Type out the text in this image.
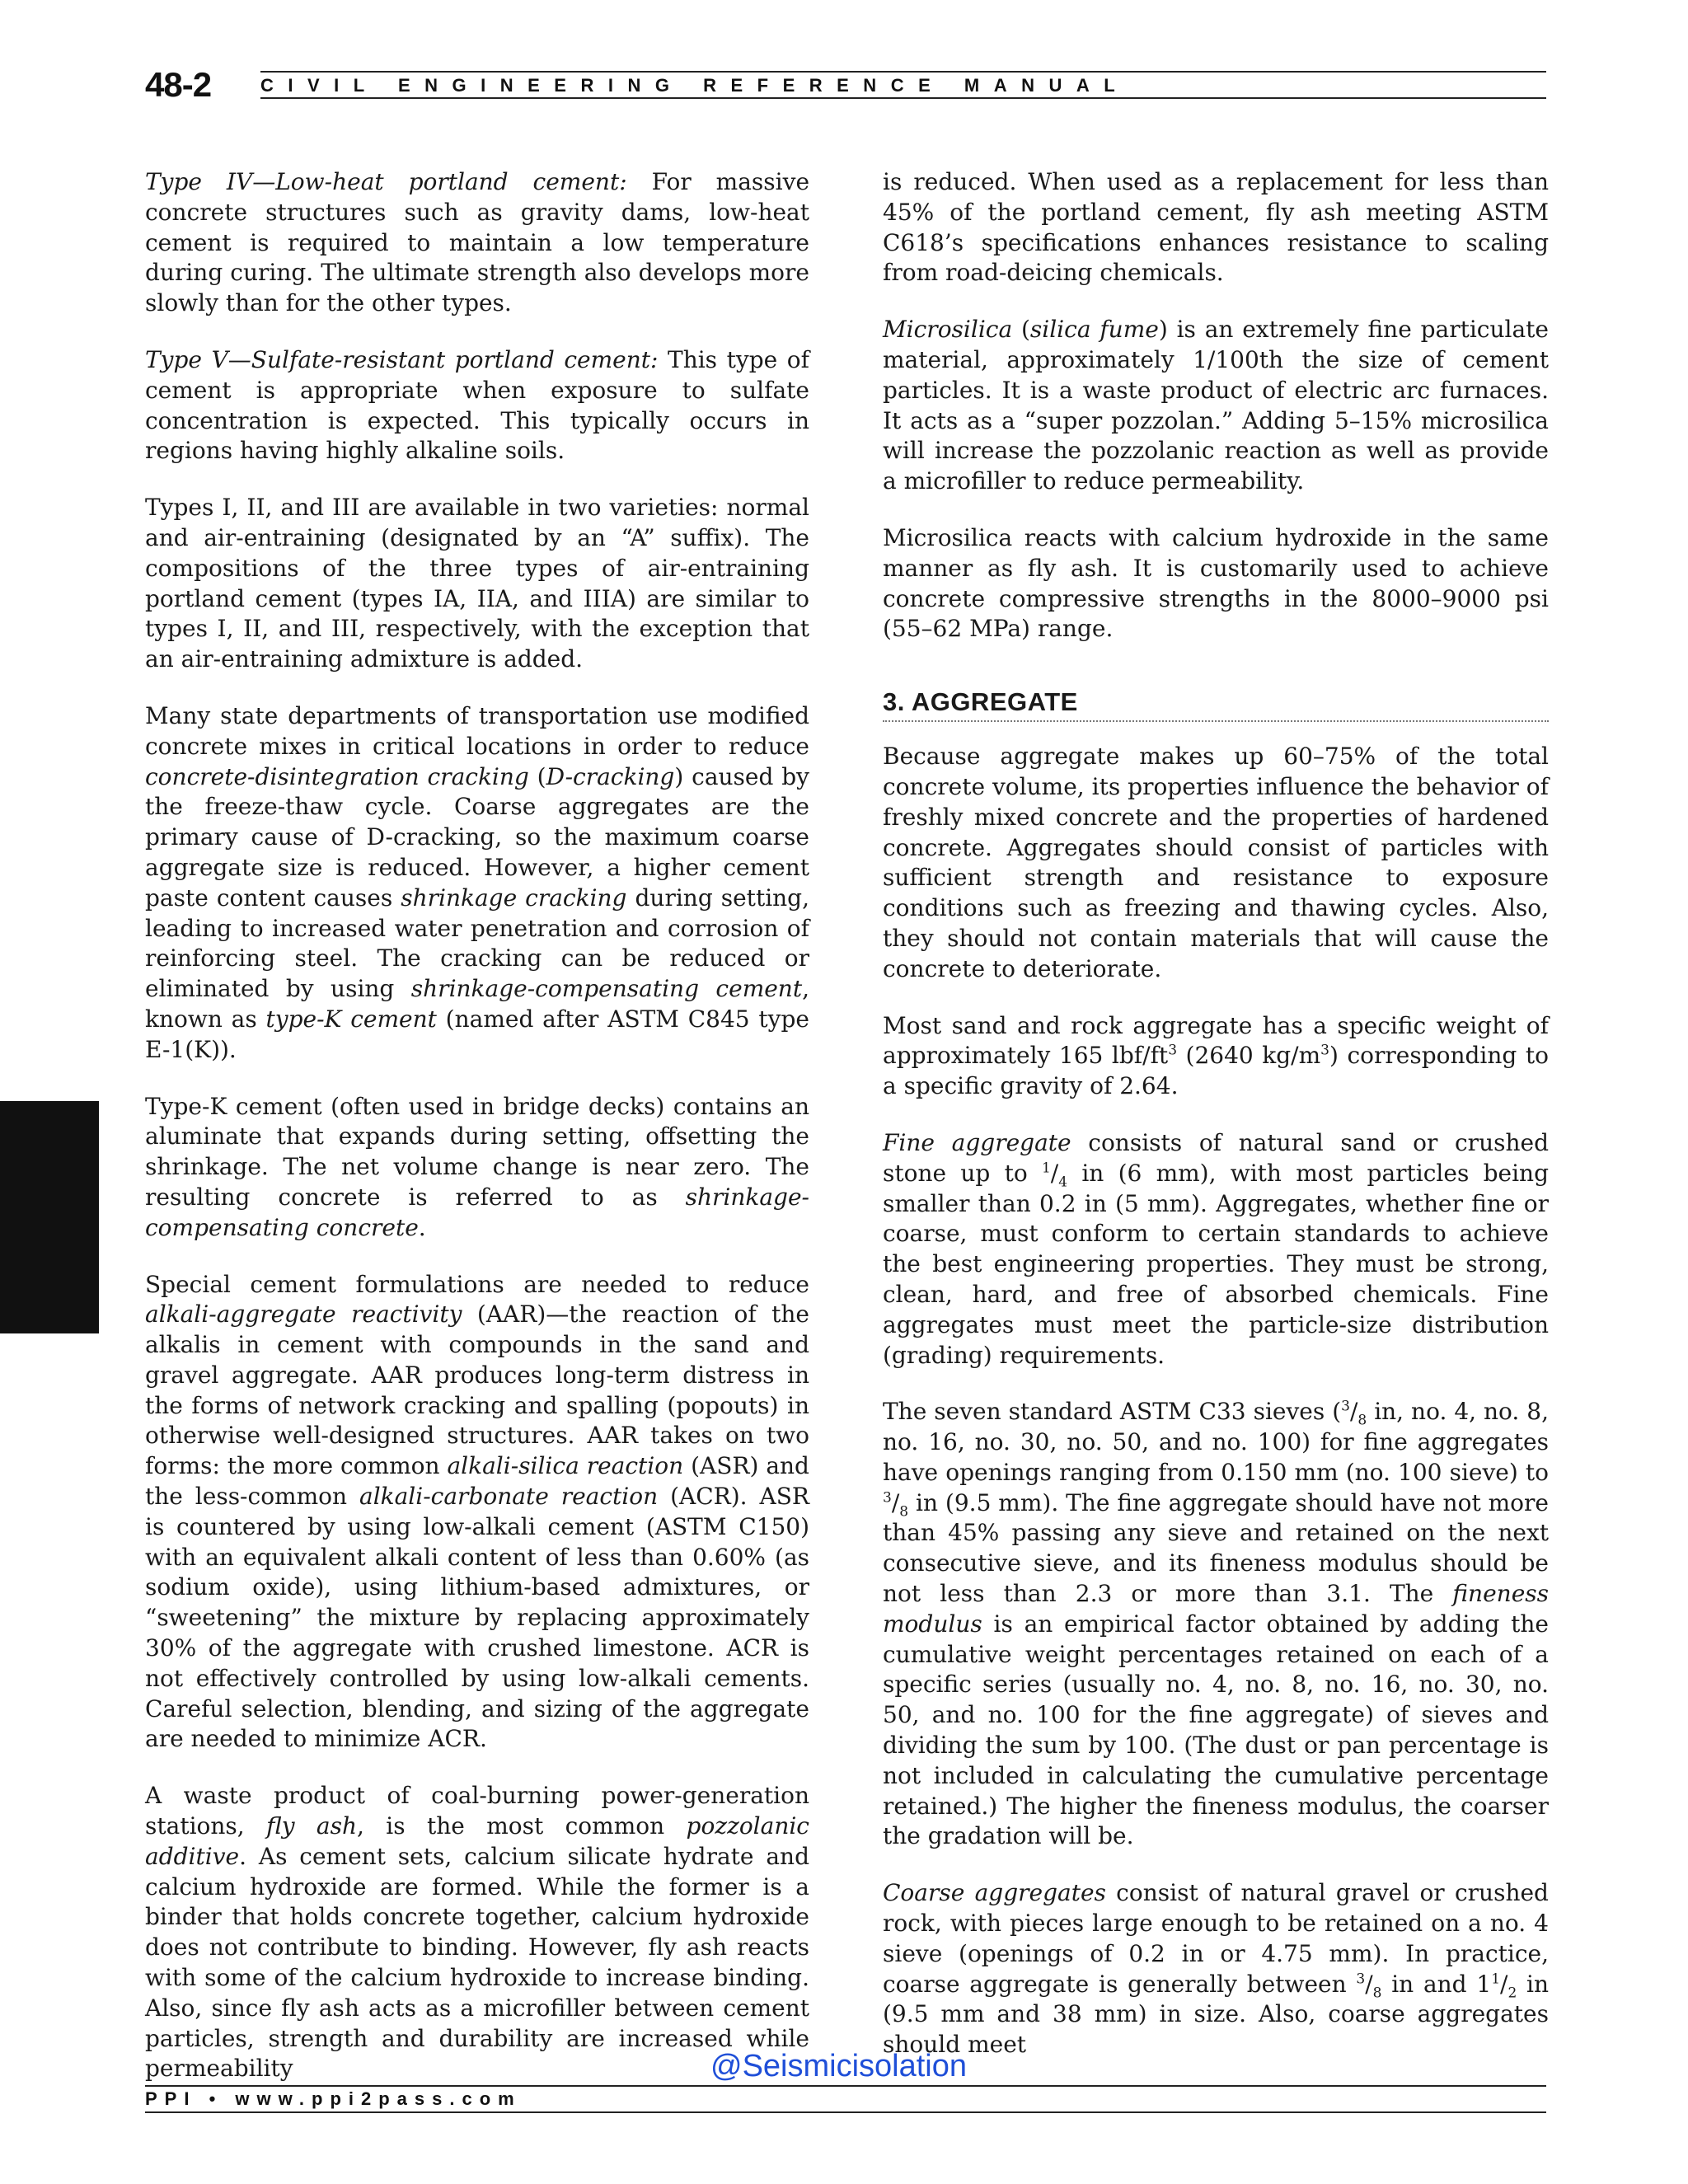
48-2	CIVIL ENGINEERING REFERENCE MANUAL

Type IV—Low-heat portland cement: For massive concrete structures such as gravity dams, low-heat cement is required to maintain a low temperature during curing. The ultimate strength also develops more slowly than for the other types.

Type V—Sulfate-resistant portland cement: This type of cement is appropriate when exposure to sulfate concentration is expected. This typically occurs in regions having highly alkaline soils.

Types I, II, and III are available in two varieties: normal and air-entraining (designated by an “A” suffix). The compositions of the three types of air-entraining portland cement (types IA, IIA, and IIIA) are similar to types I, II, and III, respectively, with the exception that an air-entraining admixture is added.

Many state departments of transportation use modified concrete mixes in critical locations in order to reduce concrete-disintegration cracking (D-cracking) caused by the freeze-thaw cycle. Coarse aggregates are the primary cause of D-cracking, so the maximum coarse aggregate size is reduced. However, a higher cement paste content causes shrinkage cracking during setting, leading to increased water penetration and corrosion of reinforcing steel. The cracking can be reduced or eliminated by using shrinkage-compensating cement, known as type-K cement (named after ASTM C845 type E-1(K)).

Type-K cement (often used in bridge decks) contains an aluminate that expands during setting, offsetting the shrinkage. The net volume change is near zero. The resulting concrete is referred to as shrinkage-compensating concrete.

Special cement formulations are needed to reduce alkali-aggregate reactivity (AAR)—the reaction of the alkalis in cement with compounds in the sand and gravel aggregate. AAR produces long-term distress in the forms of network cracking and spalling (popouts) in otherwise well-designed structures. AAR takes on two forms: the more common alkali-silica reaction (ASR) and the less-common alkali-carbonate reaction (ACR). ASR is countered by using low-alkali cement (ASTM C150) with an equivalent alkali content of less than 0.60% (as sodium oxide), using lithium-based admixtures, or “sweetening” the mixture by replacing approximately 30% of the aggregate with crushed limestone. ACR is not effectively controlled by using low-alkali cements. Careful selection, blending, and sizing of the aggregate are needed to minimize ACR.

A waste product of coal-burning power-generation stations, fly ash, is the most common pozzolanic additive. As cement sets, calcium silicate hydrate and calcium hydroxide are formed. While the former is a binder that holds concrete together, calcium hydroxide does not contribute to binding. However, fly ash reacts with some of the calcium hydroxide to increase binding. Also, since fly ash acts as a microfiller between cement particles, strength and durability are increased while permeability

is reduced. When used as a replacement for less than 45% of the portland cement, fly ash meeting ASTM C618’s specifications enhances resistance to scaling from road-deicing chemicals.

Microsilica (silica fume) is an extremely fine particulate material, approximately 1/100th the size of cement particles. It is a waste product of electric arc furnaces. It acts as a “super pozzolan.” Adding 5–15% microsilica will increase the pozzolanic reaction as well as provide a microfiller to reduce permeability.

Microsilica reacts with calcium hydroxide in the same manner as fly ash. It is customarily used to achieve concrete compressive strengths in the 8000–9000 psi (55–62 MPa) range.

3. AGGREGATE

Because aggregate makes up 60–75% of the total concrete volume, its properties influence the behavior of freshly mixed concrete and the properties of hardened concrete. Aggregates should consist of particles with sufficient strength and resistance to exposure conditions such as freezing and thawing cycles. Also, they should not contain materials that will cause the concrete to deteriorate.

Most sand and rock aggregate has a specific weight of approximately 165 lbf/$ft^3$ (2640 $kg/m^3$) corresponding to a specific gravity of 2.64.

Fine aggregate consists of natural sand or crushed stone up to $^1/_4$ in (6 mm), with most particles being smaller than 0.2 in (5 mm). Aggregates, whether fine or coarse, must conform to certain standards to achieve the best engineering properties. They must be strong, clean, hard, and free of absorbed chemicals. Fine aggregates must meet the particle-size distribution (grading) requirements.

The seven standard ASTM C33 sieves ($^3/_8$ in, no. 4, no. 8, no. 16, no. 30, no. 50, and no. 100) for fine aggregates have openings ranging from 0.150 mm (no. 100 sieve) to $^3/_8$ in (9.5 mm). The fine aggregate should have not more than 45% passing any sieve and retained on the next consecutive sieve, and its fineness modulus should be not less than 2.3 or more than 3.1. The fineness modulus is an empirical factor obtained by adding the cumulative weight percentages retained on each of a specific series (usually no. 4, no. 8, no. 16, no. 30, no. 50, and no. 100 for the fine aggregate) of sieves and dividing the sum by 100. (The dust or pan percentage is not included in calculating the cumulative percentage retained.) The higher the fineness modulus, the coarser the gradation will be.

Coarse aggregates consist of natural gravel or crushed rock, with pieces large enough to be retained on a no. 4 sieve (openings of 0.2 in or 4.75 mm). In practice, coarse aggregate is generally between $^3/_8$ in and $1^1/_2$ in (9.5 mm and 38 mm) in size. Also, coarse aggregates should meet

@Seismicisolation
PPI • www.ppi2pass.com
